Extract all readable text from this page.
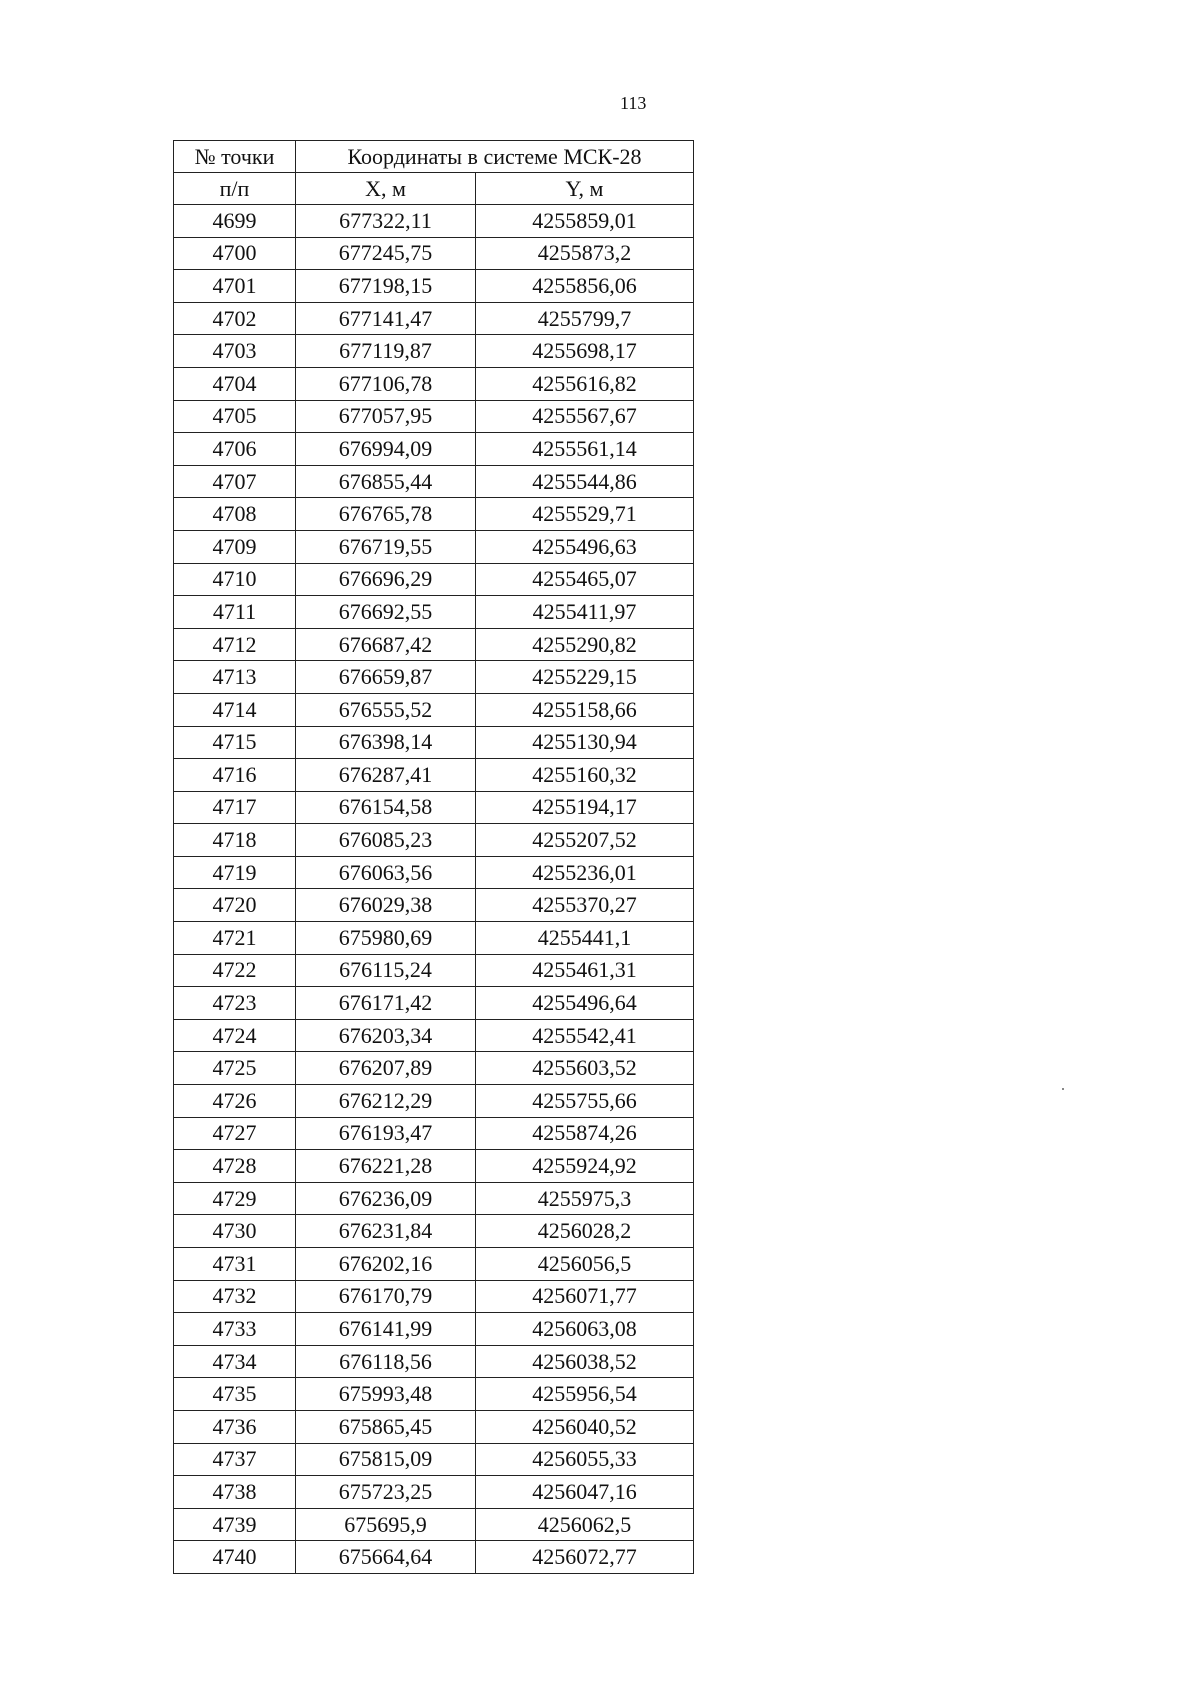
113
№ точки	Координаты в системе МСК-28	
п/п	X, м	Y, м
4699	677322,11	4255859,01
4700	677245,75	4255873,2
4701	677198,15	4255856,06
4702	677141,47	4255799,7
4703	677119,87	4255698,17
4704	677106,78	4255616,82
4705	677057,95	4255567,67
4706	676994,09	4255561,14
4707	676855,44	4255544,86
4708	676765,78	4255529,71
4709	676719,55	4255496,63
4710	676696,29	4255465,07
4711	676692,55	4255411,97
4712	676687,42	4255290,82
4713	676659,87	4255229,15
4714	676555,52	4255158,66
4715	676398,14	4255130,94
4716	676287,41	4255160,32
4717	676154,58	4255194,17
4718	676085,23	4255207,52
4719	676063,56	4255236,01
4720	676029,38	4255370,27
4721	675980,69	4255441,1
4722	676115,24	4255461,31
4723	676171,42	4255496,64
4724	676203,34	4255542,41
4725	676207,89	4255603,52
4726	676212,29	4255755,66
4727	676193,47	4255874,26
4728	676221,28	4255924,92
4729	676236,09	4255975,3
4730	676231,84	4256028,2
4731	676202,16	4256056,5
4732	676170,79	4256071,77
4733	676141,99	4256063,08
4734	676118,56	4256038,52
4735	675993,48	4255956,54
4736	675865,45	4256040,52
4737	675815,09	4256055,33
4738	675723,25	4256047,16
4739	675695,9	4256062,5
4740	675664,64	4256072,77
